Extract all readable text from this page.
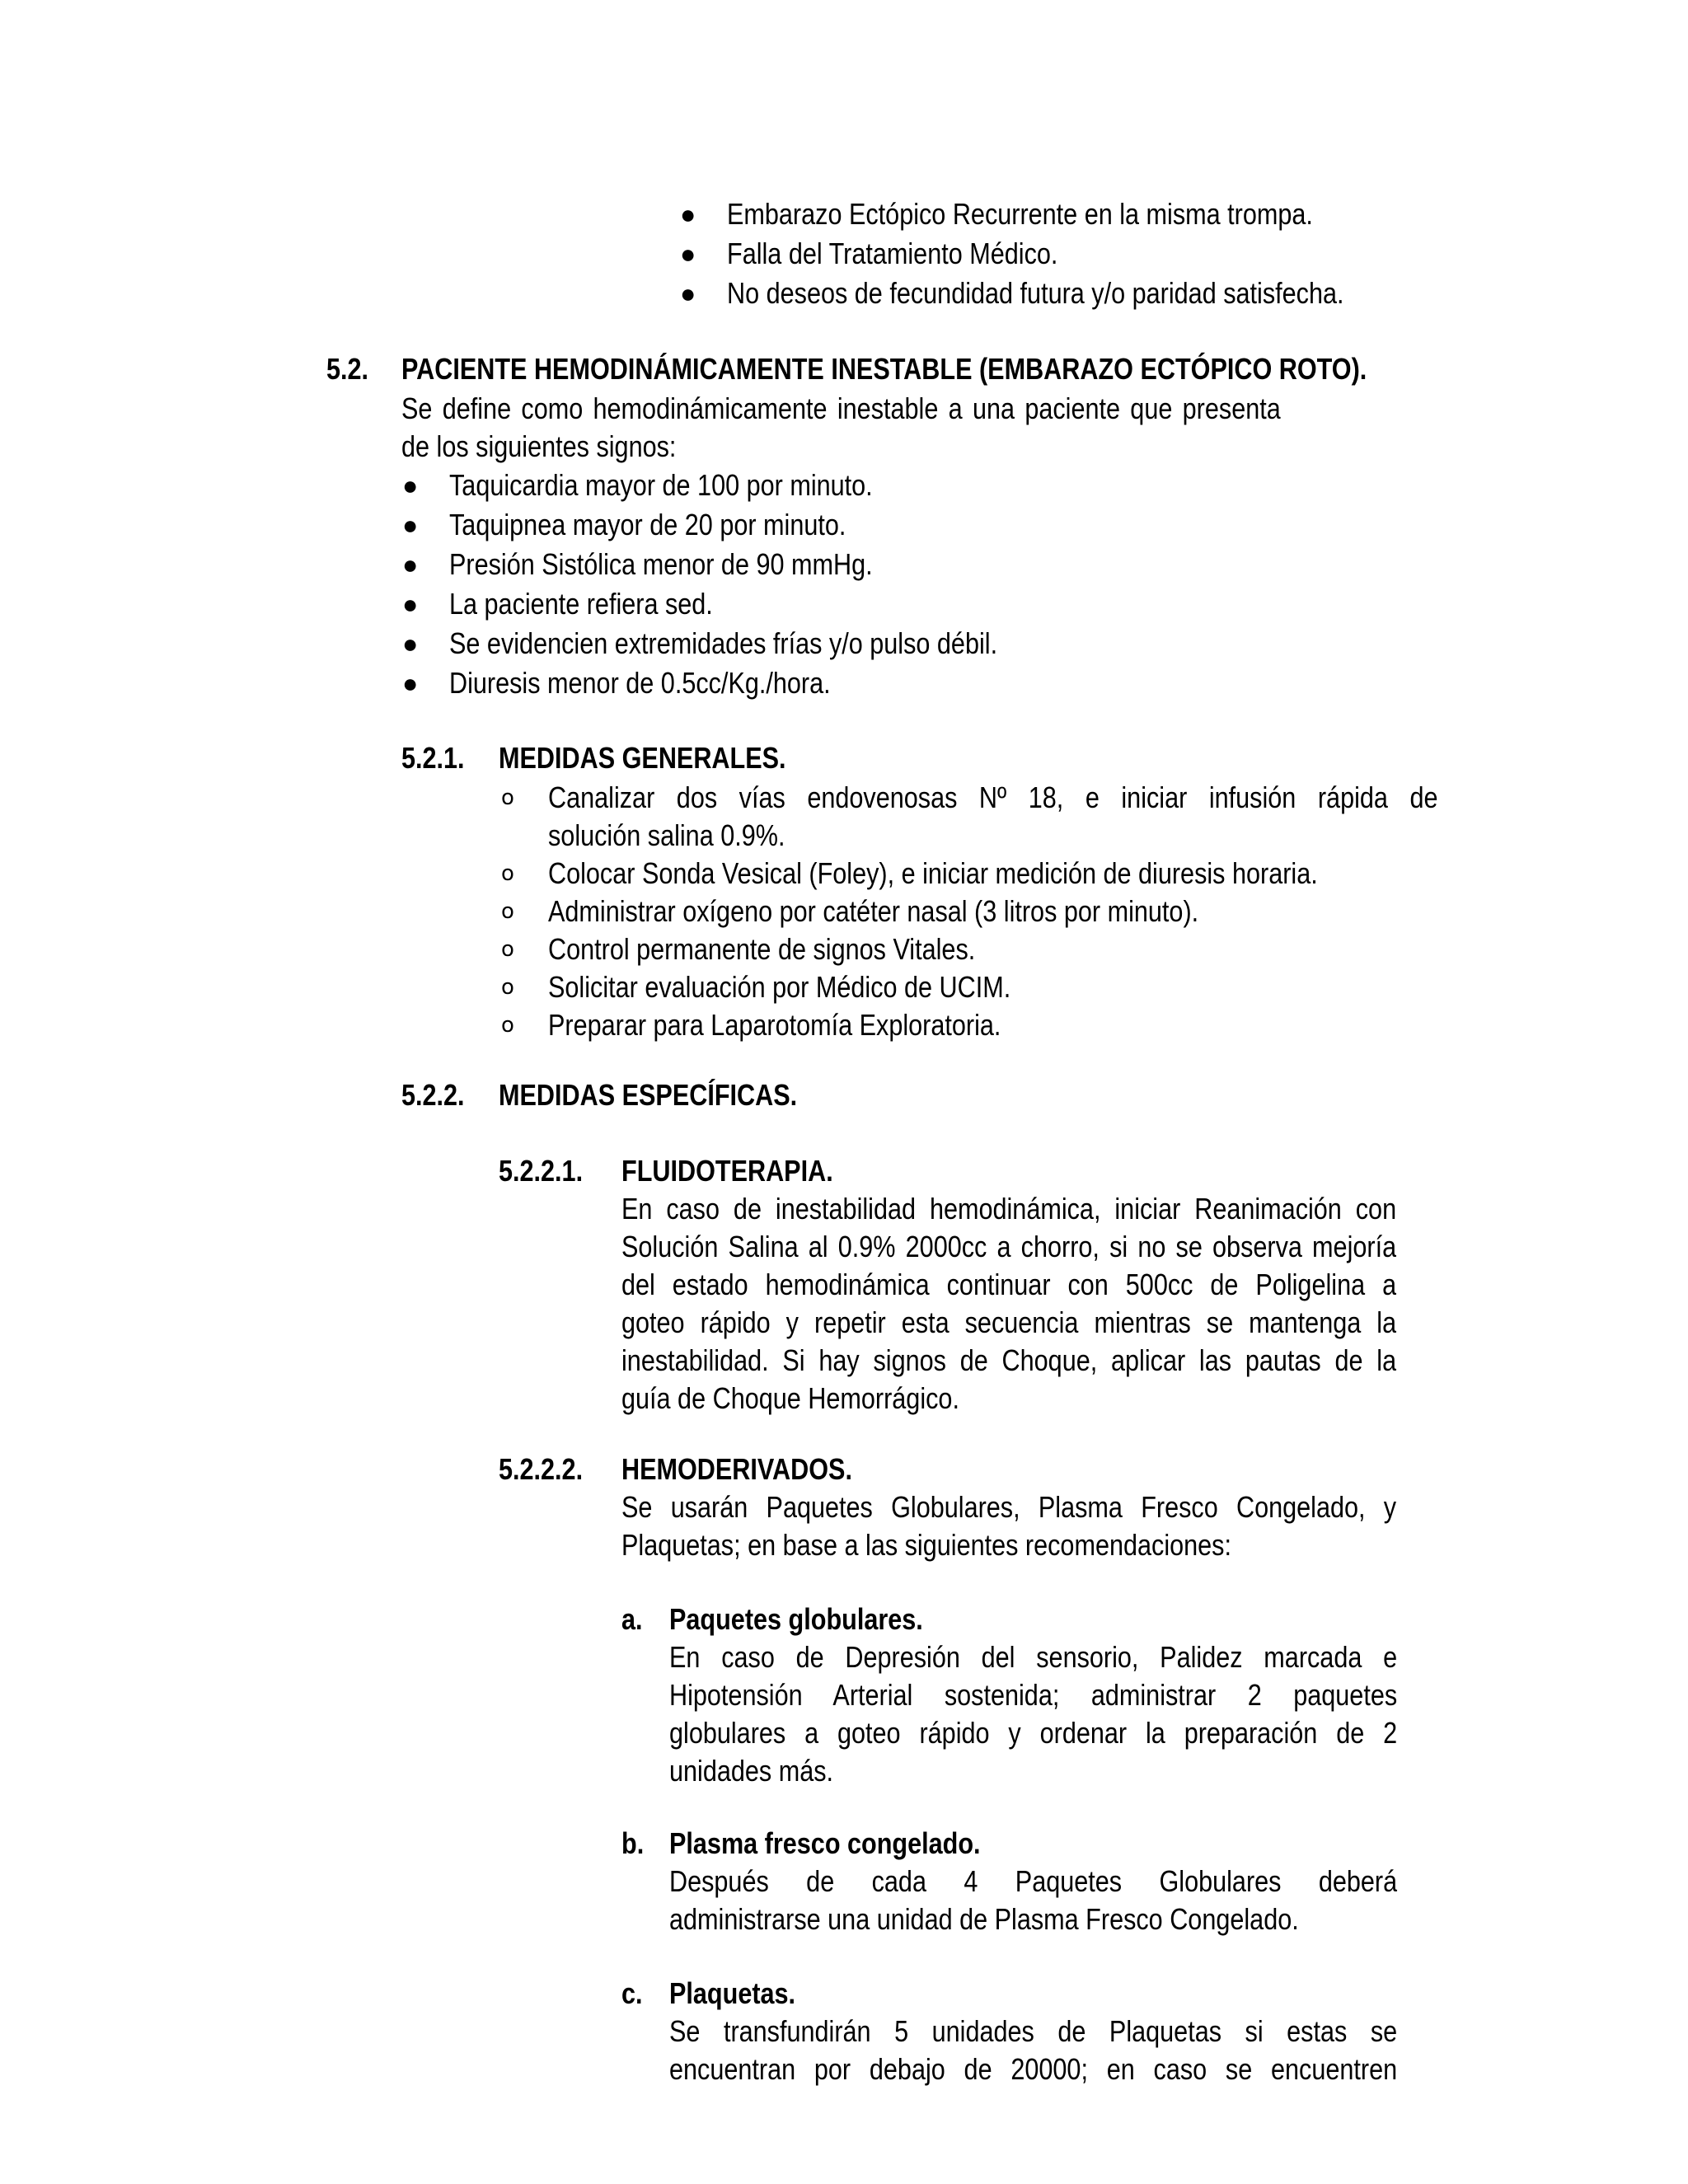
● Embarazo Ectópico Recurrente en la misma trompa.
● Falla del Tratamiento Médico.
● No deseos de fecundidad futura y/o paridad satisfecha.
5.2. PACIENTE HEMODINÁMICAMENTE INESTABLE (EMBARAZO ECTÓPICO ROTO).
Se define como hemodinámicamente inestable a una paciente que presenta
de los siguientes signos:
● Taquicardia mayor de 100 por minuto.
● Taquipnea mayor de 20 por minuto.
● Presión Sistólica menor de 90 mmHg.
● La paciente refiera sed.
● Se evidencien extremidades frías y/o pulso débil.
● Diuresis menor de 0.5cc/Kg./hora.
5.2.1. MEDIDAS GENERALES.
o Canalizar dos vías endovenosas Nº 18, e iniciar infusión rápida de
solución salina 0.9%.
o Colocar Sonda Vesical (Foley), e iniciar medición de diuresis horaria.
o Administrar oxígeno por catéter nasal (3 litros por minuto).
o Control permanente de signos Vitales.
o Solicitar evaluación por Médico de UCIM.
o Preparar para Laparotomía Exploratoria.
5.2.2. MEDIDAS ESPECÍFICAS.
5.2.2.1. FLUIDOTERAPIA.
En caso de inestabilidad hemodinámica, iniciar Reanimación con
Solución Salina al 0.9% 2000cc a chorro, si no se observa mejoría
del estado hemodinámica continuar con 500cc de Poligelina a
goteo rápido y repetir esta secuencia mientras se mantenga la
inestabilidad. Si hay signos de Choque, aplicar las pautas de la
guía de Choque Hemorrágico.
5.2.2.2. HEMODERIVADOS.
Se usarán Paquetes Globulares, Plasma Fresco Congelado, y
Plaquetas; en base a las siguientes recomendaciones:
a. Paquetes globulares.
En caso de Depresión del sensorio, Palidez marcada e
Hipotensión Arterial sostenida; administrar 2 paquetes
globulares a goteo rápido y ordenar la preparación de 2
unidades más.
b. Plasma fresco congelado.
Después de cada 4 Paquetes Globulares deberá
administrarse una unidad de Plasma Fresco Congelado.
c. Plaquetas.
Se transfundirán 5 unidades de Plaquetas si estas se
encuentran por debajo de 20000; en caso se encuentren
